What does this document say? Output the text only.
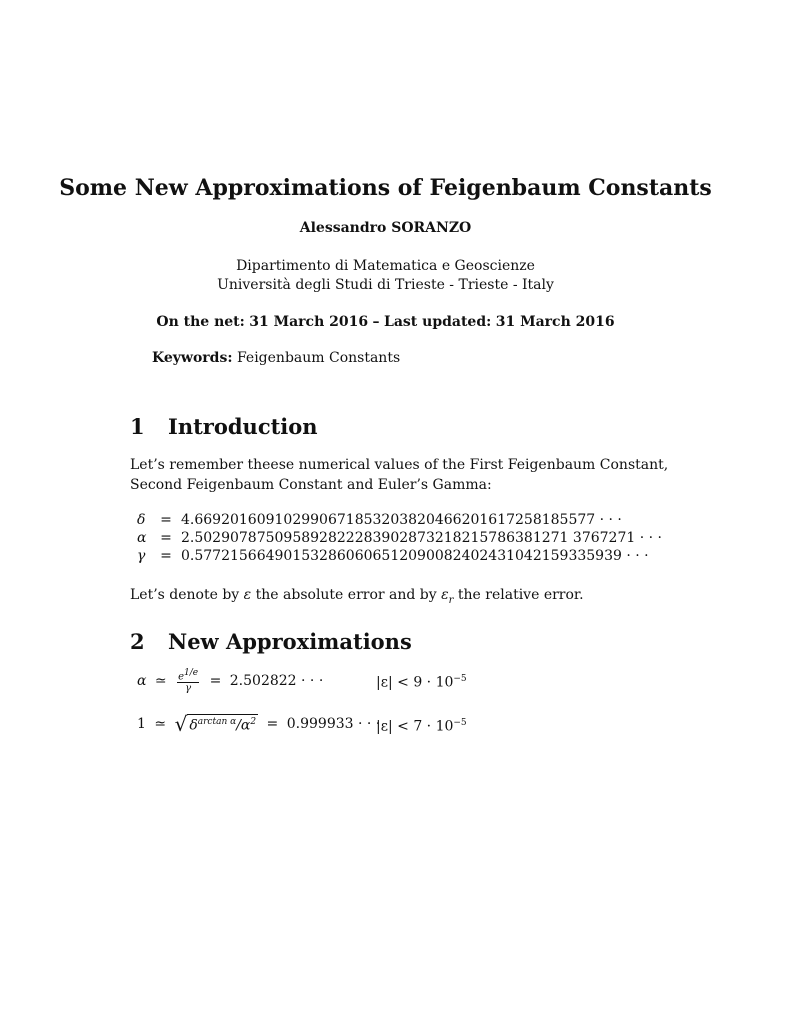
Some New Approximations of Feigenbaum Constants
Alessandro SORANZO
Dipartimento di Matematica e Geoscienze
Università degli Studi di Trieste - Trieste - Italy
On the net: 31 March 2016 – Last updated: 31 March 2016
Keywords: Feigenbaum Constants
1 Introduction
Let’s remember theese numerical values of the First Feigenbaum Constant,
Second Feigenbaum Constant and Euler’s Gamma:
δ = 4.669201609102990671853203820466201617258185577 · · ·
α = 2.502907875095892822283902873218215786381271 3767271 · · ·
γ = 0.577215664901532860606512090082402431042159335939 · · ·
Let’s denote by ε the absolute error and by $\varepsilon_r$ the relative error.
2 New Approximations
α ≃ $\frac{e^{1/e}}{\gamma} = 2.502822$ · · ·	$|\varepsilon| < 9 \cdot 10^{-5}$
1 ≃ √ $\delta^{arctan \alpha}/\alpha^2 = 0.999933$ · · ·
$|\varepsilon| < 7 \cdot 10^{-5}$
